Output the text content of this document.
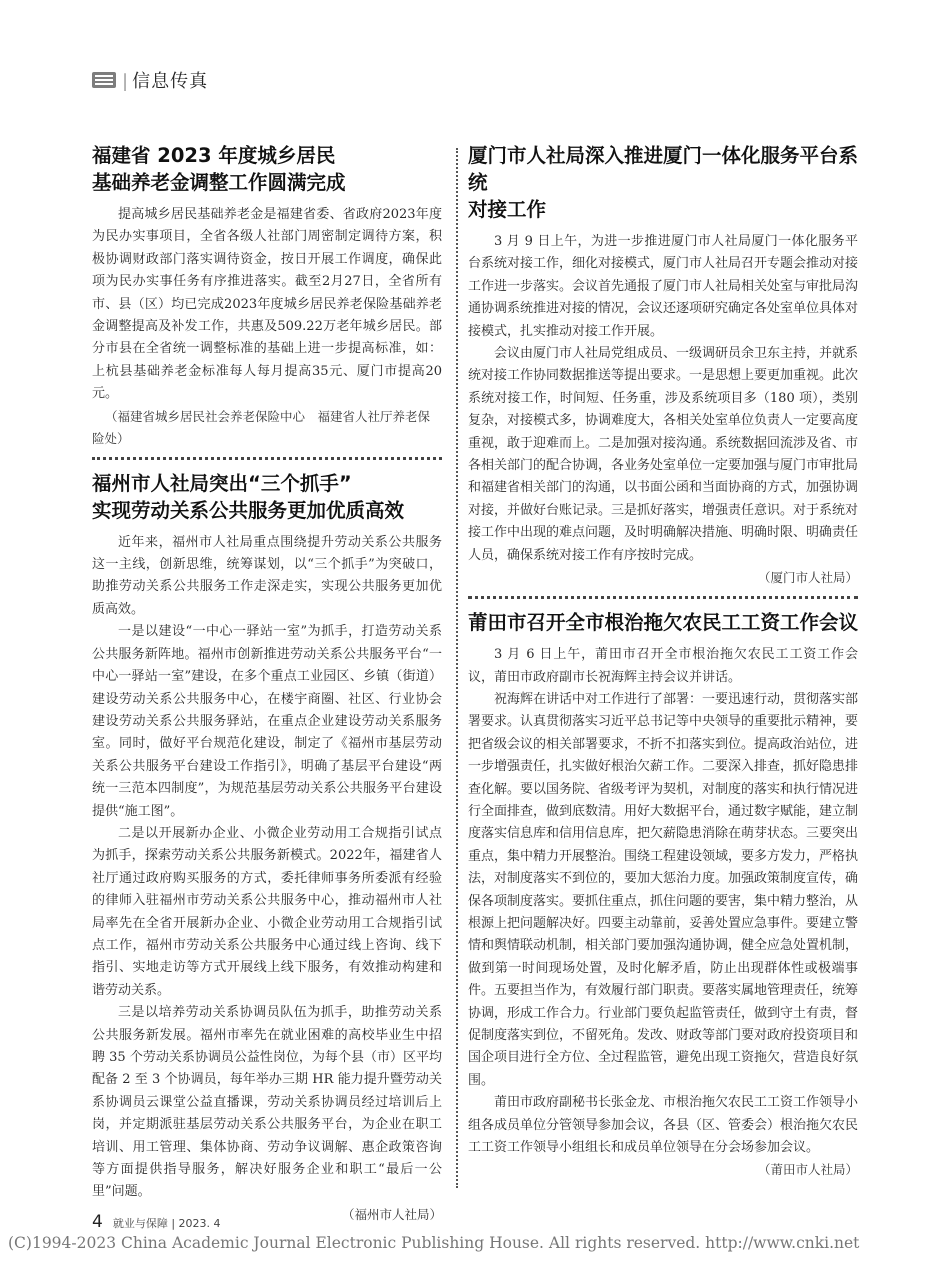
| 信息传真
福建省 2023 年度城乡居民
基础养老金调整工作圆满完成

提高城乡居民基础养老金是福建省委、省政府2023年度为民办实事项目，全省各级人社部门周密制定调待方案，积极协调财政部门落实调待资金，按日开展工作调度，确保此项为民办实事任务有序推进落实。截至2月27日，全省所有市、县（区）均已完成2023年度城乡居民养老保险基础养老金调整提高及补发工作，共惠及509.22万老年城乡居民。部分市县在全省统一调整标准的基础上进一步提高标准，如：上杭县基础养老金标准每人每月提高35元、厦门市提高20元。

（福建省城乡居民社会养老保险中心　福建省人社厅养老保险处）

福州市人社局突出“三个抓手”
实现劳动关系公共服务更加优质高效

近年来，福州市人社局重点围绕提升劳动关系公共服务这一主线，创新思维，统筹谋划，以“三个抓手”为突破口，助推劳动关系公共服务工作走深走实，实现公共服务更加优质高效。

一是以建设“一中心一驿站一室”为抓手，打造劳动关系公共服务新阵地。福州市创新推进劳动关系公共服务平台“一中心一驿站一室”建设，在多个重点工业园区、乡镇（街道）建设劳动关系公共服务中心，在楼宇商圈、社区、行业协会建设劳动关系公共服务驿站，在重点企业建设劳动关系服务室。同时，做好平台规范化建设，制定了《福州市基层劳动关系公共服务平台建设工作指引》，明确了基层平台建设“两统一三范本四制度”，为规范基层劳动关系公共服务平台建设提供“施工图”。

二是以开展新办企业、小微企业劳动用工合规指引试点为抓手，探索劳动关系公共服务新模式。2022年，福建省人社厅通过政府购买服务的方式，委托律师事务所委派有经验的律师入驻福州市劳动关系公共服务中心，推动福州市人社局率先在全省开展新办企业、小微企业劳动用工合规指引试点工作，福州市劳动关系公共服务中心通过线上咨询、线下指引、实地走访等方式开展线上线下服务，有效推动构建和谐劳动关系。

三是以培养劳动关系协调员队伍为抓手，助推劳动关系公共服务新发展。福州市率先在就业困难的高校毕业生中招聘 35 个劳动关系协调员公益性岗位，为每个县（市）区平均配备 2 至 3 个协调员，每年举办三期 HR 能力提升暨劳动关系协调员云课堂公益直播课，劳动关系协调员经过培训后上岗，并定期派驻基层劳动关系公共服务平台，为企业在职工培训、用工管理、集体协商、劳动争议调解、惠企政策咨询等方面提供指导服务，解决好服务企业和职工“最后一公里”问题。

（福州市人社局）

厦门市人社局深入推进厦门一体化服务平台系统
对接工作

3 月 9 日上午，为进一步推进厦门市人社局厦门一体化服务平台系统对接工作，细化对接模式，厦门市人社局召开专题会推动对接工作进一步落实。会议首先通报了厦门市人社局相关处室与审批局沟通协调系统推进对接的情况，会议还逐项研究确定各处室单位具体对接模式，扎实推动对接工作开展。

会议由厦门市人社局党组成员、一级调研员余卫东主持，并就系统对接工作协同数据推送等提出要求。一是思想上要更加重视。此次系统对接工作，时间短、任务重，涉及系统项目多（180 项），类别复杂，对接模式多，协调难度大，各相关处室单位负责人一定要高度重视，敢于迎难而上。二是加强对接沟通。系统数据回流涉及省、市各相关部门的配合协调，各业务处室单位一定要加强与厦门市审批局和福建省相关部门的沟通，以书面公函和当面协商的方式，加强协调对接，并做好台账记录。三是抓好落实，增强责任意识。对于系统对接工作中出现的难点问题，及时明确解决措施、明确时限、明确责任人员，确保系统对接工作有序按时完成。

（厦门市人社局）

莆田市召开全市根治拖欠农民工工资工作会议

3 月 6 日上午，莆田市召开全市根治拖欠农民工工资工作会议，莆田市政府副市长祝海辉主持会议并讲话。

祝海辉在讲话中对工作进行了部署：一要迅速行动，贯彻落实部署要求。认真贯彻落实习近平总书记等中央领导的重要批示精神，要把省级会议的相关部署要求，不折不扣落实到位。提高政治站位，进一步增强责任，扎实做好根治欠薪工作。二要深入排查，抓好隐患排查化解。要以国务院、省级考评为契机，对制度的落实和执行情况进行全面排查，做到底数清。用好大数据平台，通过数字赋能，建立制度落实信息库和信用信息库，把欠薪隐患消除在萌芽状态。三要突出重点，集中精力开展整治。围绕工程建设领域，要多方发力，严格执法，对制度落实不到位的，要加大惩治力度。加强政策制度宣传，确保各项制度落实。要抓住重点，抓住问题的要害，集中精力整治，从根源上把问题解决好。四要主动靠前，妥善处置应急事件。要建立警情和舆情联动机制，相关部门要加强沟通协调，健全应急处置机制，做到第一时间现场处置，及时化解矛盾，防止出现群体性或极端事件。五要担当作为，有效履行部门职责。要落实属地管理责任，统筹协调，形成工作合力。行业部门要负起监管责任，做到守土有责，督促制度落实到位，不留死角。发改、财政等部门要对政府投资项目和国企项目进行全方位、全过程监管，避免出现工资拖欠，营造良好氛围。

莆田市政府副秘书长张金龙、市根治拖欠农民工工资工作领导小组各成员单位分管领导参加会议，各县（区、管委会）根治拖欠农民工工资工作领导小组组长和成员单位领导在分会场参加会议。

（莆田市人社局）

4 就业与保障 | 2023. 4
(C)1994-2023 China Academic Journal Electronic Publishing House. All rights reserved. http://www.cnki.net
